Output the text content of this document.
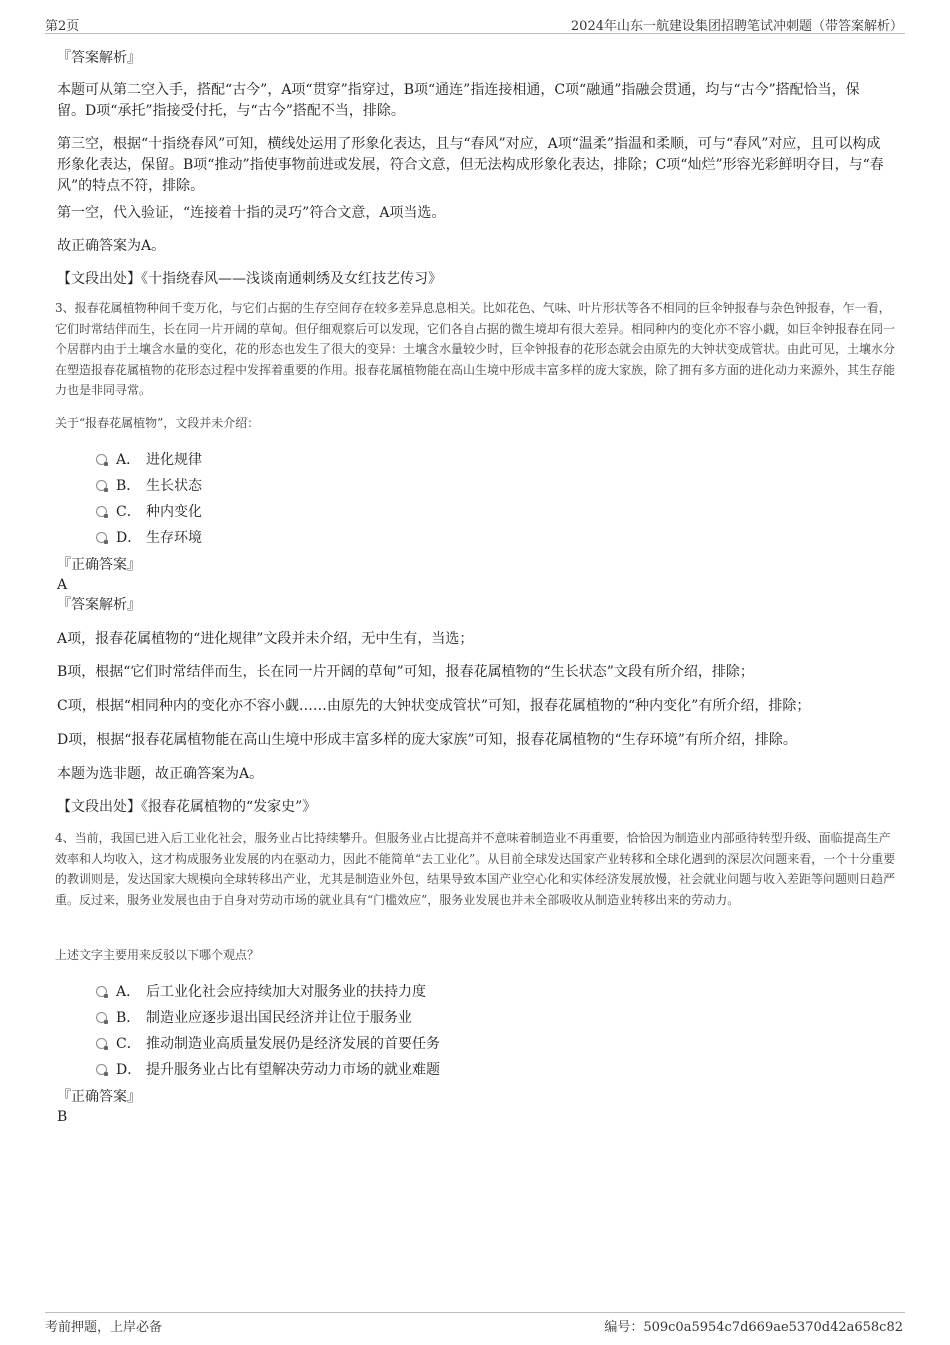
第2页	2024年山东一航建设集团招聘笔试冲刺题（带答案解析）
『答案解析』
本题可从第二空入手，搭配“古今”，A项“贯穿”指穿过，B项“通连”指连接相通，C项“融通”指融会贯通，均与“古今”搭配恰当，保留。D项“承托”指接受付托，与“古今”搭配不当，排除。
第三空，根据“十指绕春风”可知，横线处运用了形象化表达，且与“春风”对应，A项“温柔”指温和柔顺，可与“春风”对应，且可以构成形象化表达，保留。B项“推动”指使事物前进或发展，符合文意，但无法构成形象化表达，排除；C项“灿烂”形容光彩鲜明夺目，与“春风”的特点不符，排除。
第一空，代入验证，“连接着十指的灵巧”符合文意，A项当选。
故正确答案为A。
【文段出处】《十指绕春风——浅谈南通刺绣及女红技艺传习》
3、报春花属植物种间千变万化，与它们占据的生存空间存在较多差异息息相关。比如花色、气味、叶片形状等各不相同的巨伞钟报春与杂色钟报春，乍一看，它们时常结伴而生，长在同一片开阔的草甸。但仔细观察后可以发现，它们各自占据的微生境却有很大差异。相同种内的变化亦不容小觑，如巨伞钟报春在同一个居群内由于土壤含水量的变化，花的形态也发生了很大的变异：土壤含水量较少时，巨伞钟报春的花形态就会由原先的大钟状变成管状。由此可见，土壤水分在塑造报春花属植物的花形态过程中发挥着重要的作用。报春花属植物能在高山生境中形成丰富多样的庞大家族，除了拥有多方面的进化动力来源外，其生存能力也是非同寻常。
关于“报春花属植物”，文段并未介绍：
A． 进化规律
B． 生长状态
C． 种内变化
D． 生存环境
『正确答案』
A
『答案解析』
A项，报春花属植物的“进化规律”文段并未介绍，无中生有，当选；
B项，根据“它们时常结伴而生，长在同一片开阔的草甸”可知，报春花属植物的“生长状态”文段有所介绍，排除；
C项，根据“相同种内的变化亦不容小觑……由原先的大钟状变成管状”可知，报春花属植物的“种内变化”有所介绍，排除；
D项，根据“报春花属植物能在高山生境中形成丰富多样的庞大家族”可知，报春花属植物的“生存环境”有所介绍，排除。
本题为选非题，故正确答案为A。
【文段出处】《报春花属植物的“发家史”》
4、当前，我国已进入后工业化社会，服务业占比持续攀升。但服务业占比提高并不意味着制造业不再重要，恰恰因为制造业内部亟待转型升级、面临提高生产效率和人均收入，这才构成服务业发展的内在驱动力，因此不能简单“去工业化”。从目前全球发达国家产业转移和全球化遇到的深层次问题来看，一个十分重要的教训则是，发达国家大规模向全球转移出产业，尤其是制造业外包，结果导致本国产业空心化和实体经济发展放慢，社会就业问题与收入差距等问题则日趋严重。反过来，服务业发展也由于自身对劳动市场的就业具有“门槛效应”，服务业发展也并未全部吸收从制造业转移出来的劳动力。
上述文字主要用来反驳以下哪个观点？
A． 后工业化社会应持续加大对服务业的扶持力度
B． 制造业应逐步退出国民经济并让位于服务业
C． 推动制造业高质量发展仍是经济发展的首要任务
D． 提升服务业占比有望解决劳动力市场的就业难题
『正确答案』
B
考前押题，上岸必备	编号：509c0a5954c7d669ae5370d42a658c82
